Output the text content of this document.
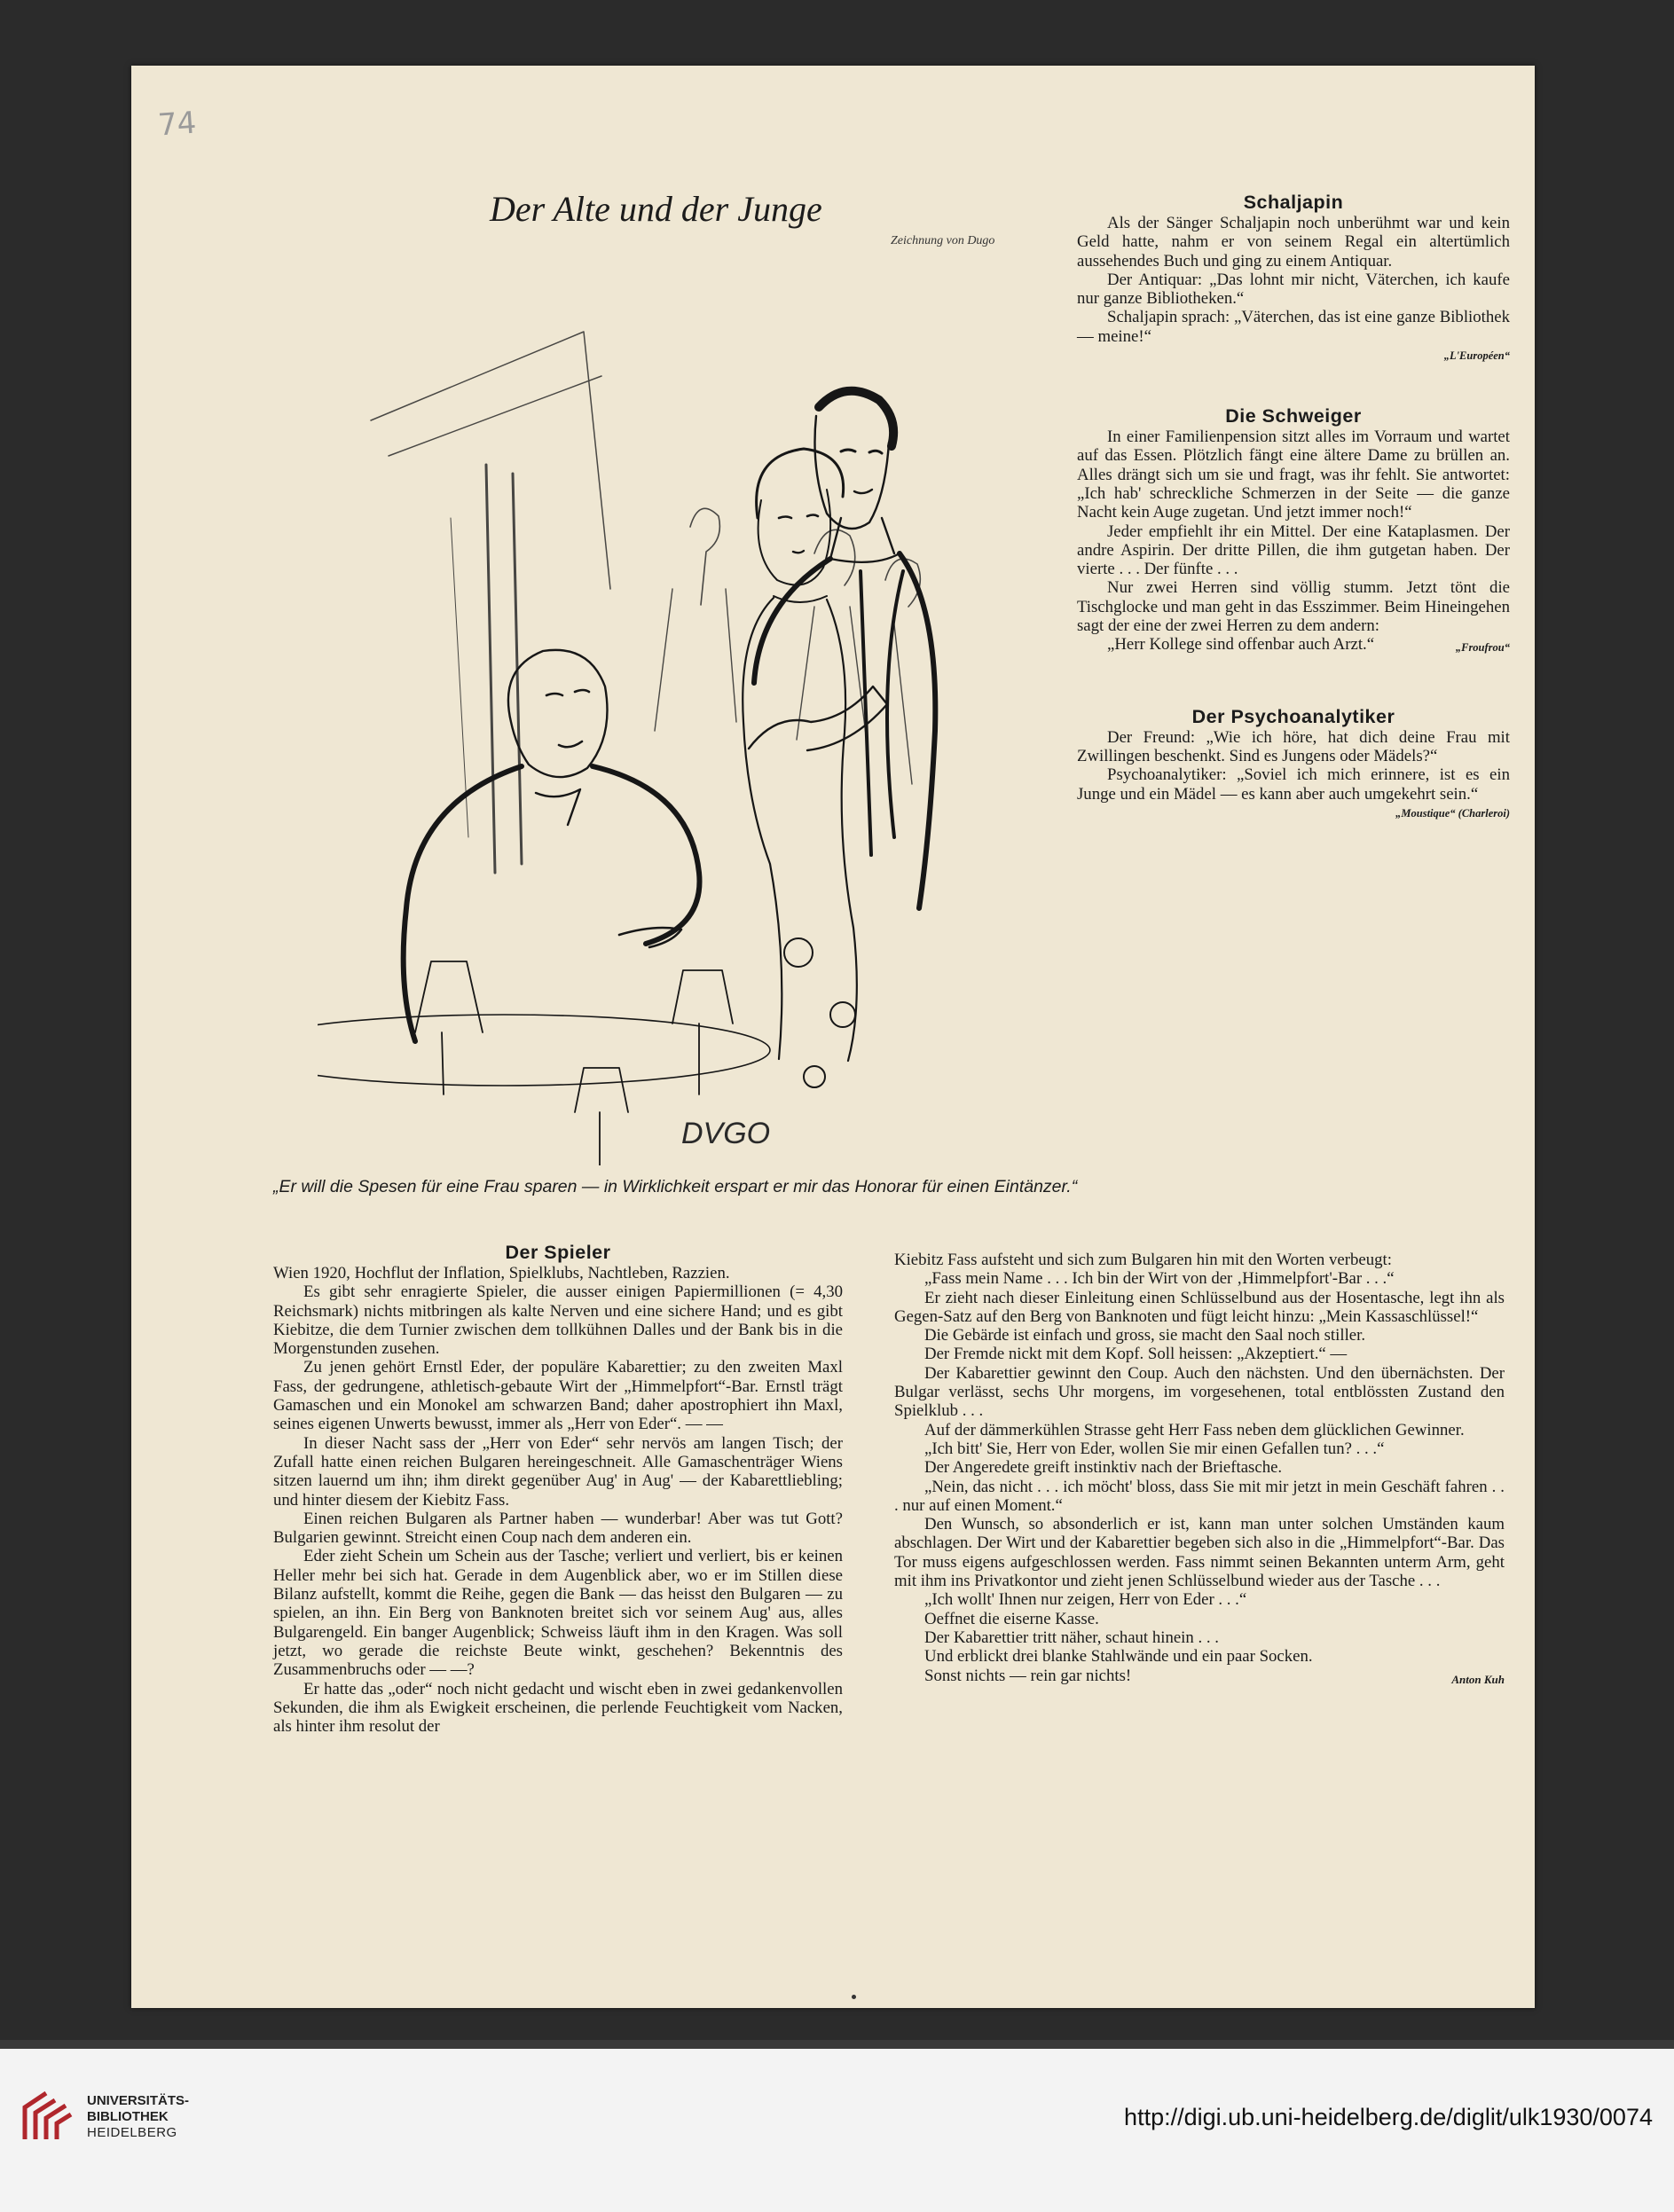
74
Der Alte und der Junge
Zeichnung von Dugo
DVGO
„Er will die Spesen für eine Frau sparen — in Wirklichkeit erspart er mir das Honorar für einen Eintänzer.“
Schaljapin

Als der Sänger Schaljapin noch unberühmt war und kein Geld hatte, nahm er von seinem Regal ein altertümlich aussehendes Buch und ging zu einem Antiquar.

Der Antiquar: „Das lohnt mir nicht, Väterchen, ich kaufe nur ganze Bibliotheken.“

Schaljapin sprach: „Väterchen, das ist eine ganze Bibliothek — meine!“

„L'Européen“
Die Schweiger

In einer Familienpension sitzt alles im Vorraum und wartet auf das Essen. Plötzlich fängt eine ältere Dame zu brüllen an. Alles drängt sich um sie und fragt, was ihr fehlt. Sie antwortet: „Ich hab' schreckliche Schmerzen in der Seite — die ganze Nacht kein Auge zugetan. Und jetzt immer noch!“

Jeder empfiehlt ihr ein Mittel. Der eine Kataplasmen. Der andre Aspirin. Der dritte Pillen, die ihm gutgetan haben. Der vierte . . . Der fünfte . . .

Nur zwei Herren sind völlig stumm. Jetzt tönt die Tischglocke und man geht in das Esszimmer. Beim Hineingehen sagt der eine der zwei Herren zu dem andern:

„Herr Kollege sind offenbar auch Arzt.“	„Froufrou“

Der Psychoanalytiker

Der Freund: „Wie ich höre, hat dich deine Frau mit Zwillingen beschenkt. Sind es Jungens oder Mädels?“

Psychoanalytiker: „Soviel ich mich erinnere, ist es ein Junge und ein Mädel — es kann aber auch umgekehrt sein.“

„Moustique“ (Charleroi)
Der Spieler

Wien 1920, Hochflut der Inflation, Spielklubs, Nachtleben, Razzien.

Es gibt sehr enragierte Spieler, die ausser einigen Papiermillionen (= 4,30 Reichsmark) nichts mitbringen als kalte Nerven und eine sichere Hand; und es gibt Kiebitze, die dem Turnier zwischen dem tollkühnen Dalles und der Bank bis in die Morgenstunden zusehen.

Zu jenen gehört Ernstl Eder, der populäre Kabarettier; zu den zweiten Maxl Fass, der gedrungene, athletisch-gebaute Wirt der „Himmelpfort“-Bar. Ernstl trägt Gamaschen und ein Monokel am schwarzen Band; daher apostrophiert ihn Maxl, seines eigenen Unwerts bewusst, immer als „Herr von Eder“. — —

In dieser Nacht sass der „Herr von Eder“ sehr nervös am langen Tisch; der Zufall hatte einen reichen Bulgaren hereingeschneit. Alle Gamaschenträger Wiens sitzen lauernd um ihn; ihm direkt gegenüber Aug' in Aug' — der Kabarettliebling; und hinter diesem der Kiebitz Fass.

Einen reichen Bulgaren als Partner haben — wunderbar! Aber was tut Gott? Bulgarien gewinnt. Streicht einen Coup nach dem anderen ein.

Eder zieht Schein um Schein aus der Tasche; verliert und verliert, bis er keinen Heller mehr bei sich hat. Gerade in dem Augenblick aber, wo er im Stillen diese Bilanz aufstellt, kommt die Reihe, gegen die Bank — das heisst den Bulgaren — zu spielen, an ihn. Ein Berg von Banknoten breitet sich vor seinem Aug' aus, alles Bulgarengeld. Ein banger Augenblick; Schweiss läuft ihm in den Kragen. Was soll jetzt, wo gerade die reichste Beute winkt, geschehen? Bekenntnis des Zusammenbruchs oder — —?

Er hatte das „oder“ noch nicht gedacht und wischt eben in zwei gedankenvollen Sekunden, die ihm als Ewigkeit erscheinen, die perlende Feuchtigkeit vom Nacken, als hinter ihm resolut der

Kiebitz Fass aufsteht und sich zum Bulgaren hin mit den Worten verbeugt:

„Fass mein Name . . . Ich bin der Wirt von der ‚Himmelpfort'-Bar . . .“

Er zieht nach dieser Einleitung einen Schlüsselbund aus der Hosentasche, legt ihn als Gegen-Satz auf den Berg von Banknoten und fügt leicht hinzu: „Mein Kassaschlüssel!“

Die Gebärde ist einfach und gross, sie macht den Saal noch stiller.

Der Fremde nickt mit dem Kopf. Soll heissen: „Akzeptiert.“ —

Der Kabarettier gewinnt den Coup. Auch den nächsten. Und den übernächsten. Der Bulgar verlässt, sechs Uhr morgens, im vorgesehenen, total entblössten Zustand den Spielklub . . .

Auf der dämmerkühlen Strasse geht Herr Fass neben dem glücklichen Gewinner.

„Ich bitt' Sie, Herr von Eder, wollen Sie mir einen Gefallen tun? . . .“

Der Angeredete greift instinktiv nach der Brieftasche.

„Nein, das nicht . . . ich möcht' bloss, dass Sie mit mir jetzt in mein Geschäft fahren . . . nur auf einen Moment.“

Den Wunsch, so absonderlich er ist, kann man unter solchen Umständen kaum abschlagen. Der Wirt und der Kabarettier begeben sich also in die „Himmelpfort“-Bar. Das Tor muss eigens aufgeschlossen werden. Fass nimmt seinen Bekannten unterm Arm, geht mit ihm ins Privatkontor und zieht jenen Schlüsselbund wieder aus der Tasche . . .

„Ich wollt' Ihnen nur zeigen, Herr von Eder . . .“

Oeffnet die eiserne Kasse.

Der Kabarettier tritt näher, schaut hinein . . .

Und erblickt drei blanke Stahlwände und ein paar Socken.

Sonst nichts — rein gar nichts!	Anton Kuh

UNIVERSITÄTS-
BIBLIOTHEK
HEIDELBERG
http://digi.ub.uni-heidelberg.de/diglit/ulk1930/0074
